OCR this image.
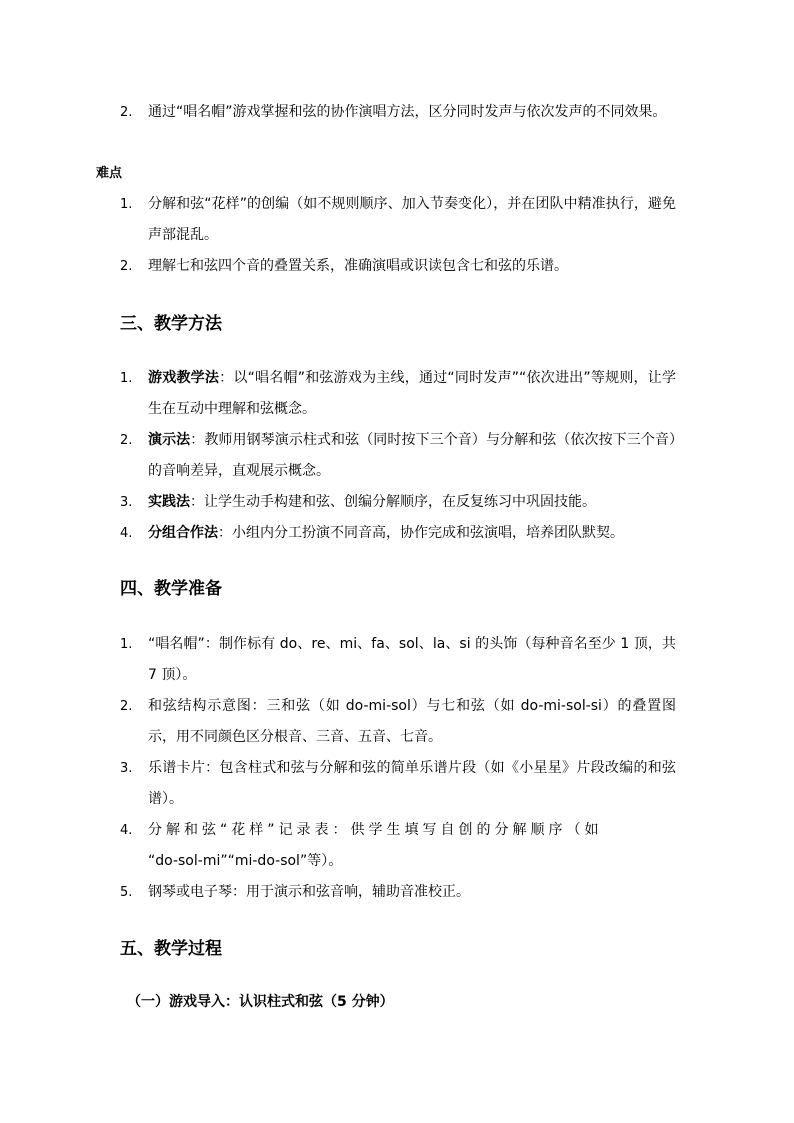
2. 通过“唱名帽”游戏掌握和弦的协作演唱方法，区分同时发声与依次发声的不同效果。
难点
1. 分解和弦“花样”的创编（如不规则顺序、加入节奏变化），并在团队中精准执行，避免声部混乱。
2. 理解七和弦四个音的叠置关系，准确演唱或识读包含七和弦的乐谱。
三、教学方法
1. 游戏教学法：以“唱名帽”和弦游戏为主线，通过“同时发声”“依次进出”等规则，让学生在互动中理解和弦概念。
2. 演示法：教师用钢琴演示柱式和弦（同时按下三个音）与分解和弦（依次按下三个音）的音响差异，直观展示概念。
3. 实践法：让学生动手构建和弦、创编分解顺序，在反复练习中巩固技能。
4. 分组合作法：小组内分工扮演不同音高，协作完成和弦演唱，培养团队默契。
四、教学准备
1. “唱名帽”：制作标有 do、re、mi、fa、sol、la、si 的头饰（每种音名至少 1 顶，共 7 顶）。
2. 和弦结构示意图：三和弦（如 do-mi-sol）与七和弦（如 do-mi-sol-si）的叠置图示，用不同颜色区分根音、三音、五音、七音。
3. 乐谱卡片：包含柱式和弦与分解和弦的简单乐谱片段（如《小星星》片段改编的和弦谱）。
4. 分解和弦“花样”记录表：供学生填写自创的分解顺序（如
“do-sol-mi”“mi-do-sol”等）。
5. 钢琴或电子琴：用于演示和弦音响，辅助音准校正。
五、教学过程
（一）游戏导入：认识柱式和弦（5 分钟）
